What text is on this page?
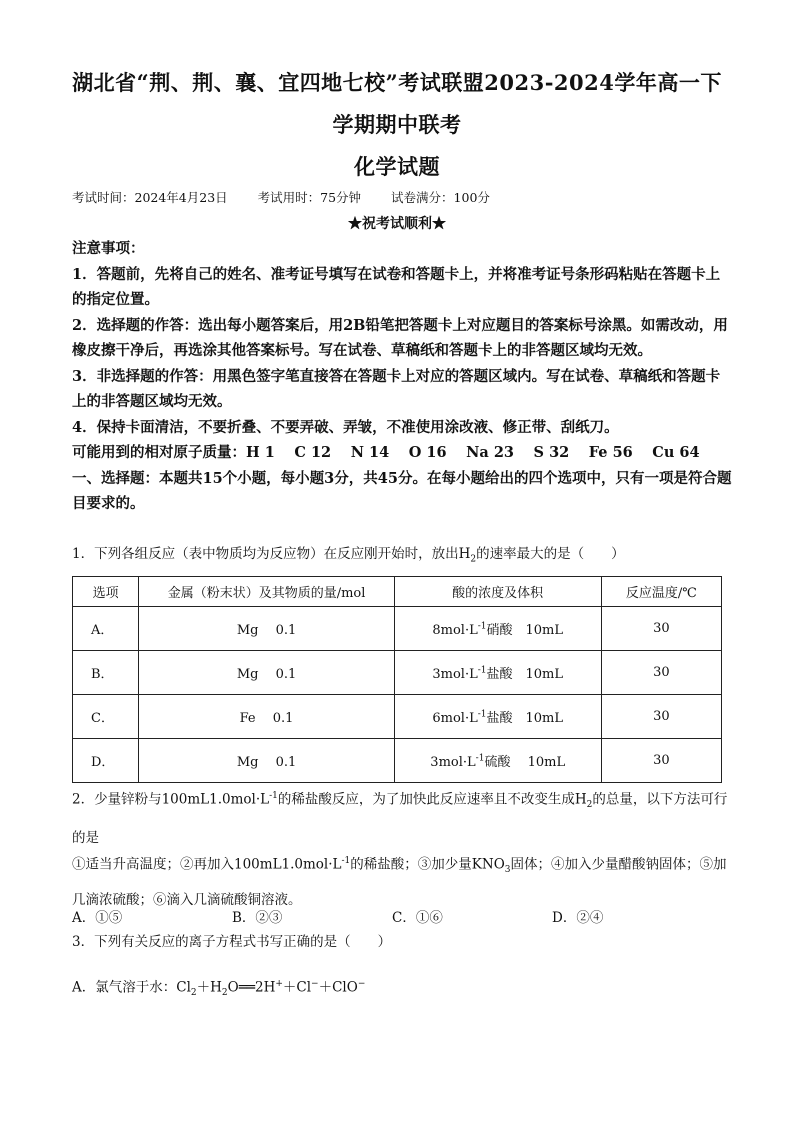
湖北省“荆、荆、襄、宜四地七校”考试联盟2023-2024学年高一下
学期期中联考
化学试题
考试时间：2024年4月23日 考试用时：75分钟 试卷满分：100分
★祝考试顺利★

注意事项：

1．答题前，先将自己的姓名、准考证号填写在试卷和答题卡上，并将准考证号条形码粘贴在答题卡上的指定位置。

2．选择题的作答：选出每小题答案后，用2B铅笔把答题卡上对应题目的答案标号涂黑。如需改动，用橡皮擦干净后，再选涂其他答案标号。写在试卷、草稿纸和答题卡上的非答题区域均无效。

3．非选择题的作答：用黑色签字笔直接答在答题卡上对应的答题区域内。写在试卷、草稿纸和答题卡上的非答题区域均无效。

4．保持卡面清洁，不要折叠、不要弄破、弄皱，不准使用涂改液、修正带、刮纸刀。

可能用到的相对原子质量：H 1　 C 12　 N 14　 O 16　 Na 23　 S 32　 Fe 56　 Cu 64

一、选择题：本题共15个小题，每小题3分，共45分。在每小题给出的四个选项中，只有一项是符合题目要求的。

1．下列各组反应（表中物质均为反应物）在反应刚开始时，放出$H_2$的速率最大的是（　　）

选项	金属（粉末状）及其物质的量/mol	酸的浓度及体积	反应温度/℃
A．	Mg　 0.1	$8mol\cdot L^{-1}$硝酸　10mL	30
B．	Mg　 0.1	$3mol\cdot L^{-1}$盐酸　10mL	30
C．	Fe　 0.1	$6mol\cdot L^{-1}$盐酸　10mL	30
D．	Mg　 0.1	$3mol\cdot L^{-1}$硫酸　 10mL	30

2．少量锌粉与$100mL1.0mol\cdot L^{-1}$的稀盐酸反应，为了加快此反应速率且不改变生成$H_2$的总量，以下方法可行的是

①适当升高温度；②再加入$100mL1.0mol\cdot L^{-1}$的稀盐酸；③加少量$KNO_3$固体；④加入少量醋酸钠固体；⑤加几滴浓硫酸；⑥滴入几滴硫酸铜溶液。

A．①⑤	B．②③	C．①⑥	D．②④
3．下列有关反应的离子方程式书写正确的是（　　）

A．氯气溶于水：$Cl_2+H_2O══2H^++Cl^-+ClO^-$
